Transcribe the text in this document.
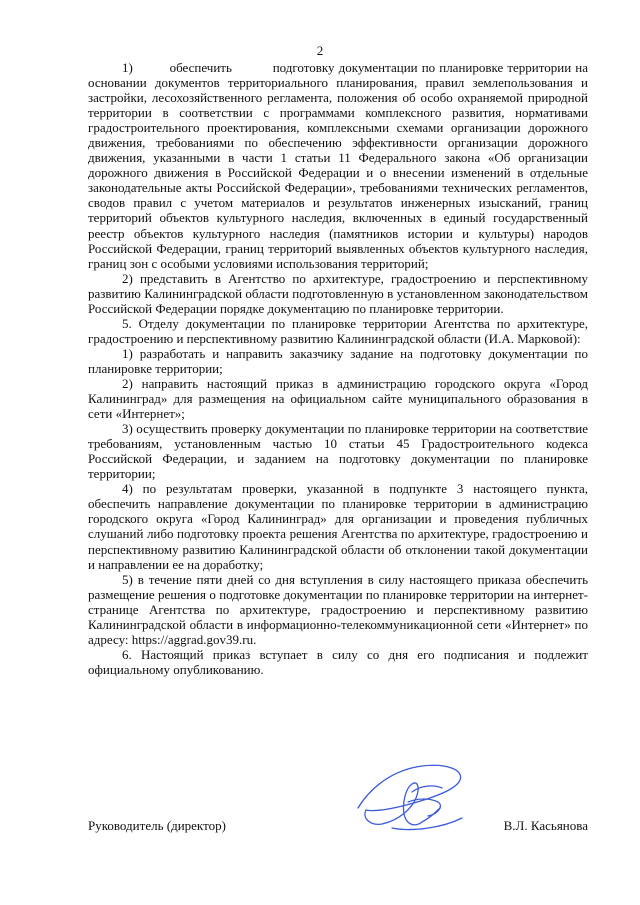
2

1)         обеспечить          подготовку документации по планировке территории на основании документов территориального планирования, правил землепользования и застройки, лесохозяйственного регламента, положения об особо охраняемой природной территории в соответствии с программами комплексного развития, нормативами градостроительного проектирования, комплексными схемами организации дорожного движения, требованиями по обеспечению эффективности организации дорожного движения, указанными в части 1 статьи 11 Федерального закона «Об организации дорожного движения в Российской Федерации и о внесении изменений в отдельные законодательные акты Российской Федерации», требованиями технических регламентов, сводов правил с учетом материалов и результатов инженерных изысканий, границ территорий объектов культурного наследия, включенных в единый государственный реестр объектов культурного наследия (памятников истории и культуры) народов Российской Федерации, границ территорий выявленных объектов культурного наследия, границ зон с особыми условиями использования территорий;

2) представить в Агентство по архитектуре, градостроению и перспективному развитию Калининградской области подготовленную в установленном законодательством Российской Федерации порядке документацию по планировке территории.

5. Отделу документации по планировке территории Агентства по архитектуре, градостроению и перспективному развитию Калининградской области (И.А. Марковой):

1) разработать и направить заказчику задание на подготовку документации по планировке территории;

2) направить настоящий приказ в администрацию городского округа «Город Калининград» для размещения на официальном сайте муниципального образования в сети «Интернет»;

3) осуществить проверку документации по планировке территории на соответствие требованиям, установленным частью 10 статьи 45 Градостроительного кодекса Российской Федерации, и заданием на подготовку документации по планировке территории;

4) по результатам проверки, указанной в подпункте 3 настоящего пункта, обеспечить направление документации по планировке территории в администрацию городского округа «Город Калининград» для организации и проведения публичных слушаний либо подготовку проекта решения Агентства по архитектуре, градостроению и перспективному развитию Калининградской области об отклонении такой документации и направлении ее на доработку;

5) в течение пяти дней со дня вступления в силу настоящего приказа обеспечить размещение решения о подготовке документации по планировке территории на интернет-странице Агентства по архитектуре, градостроению и перспективному развитию Калининградской области в информационно-телекоммуникационной сети «Интернет» по адресу: https://aggrad.gov39.ru.

6. Настоящий приказ вступает в силу со дня его подписания и подлежит официальному опубликованию.

Руководитель (директор)	В.Л. Касьянова
